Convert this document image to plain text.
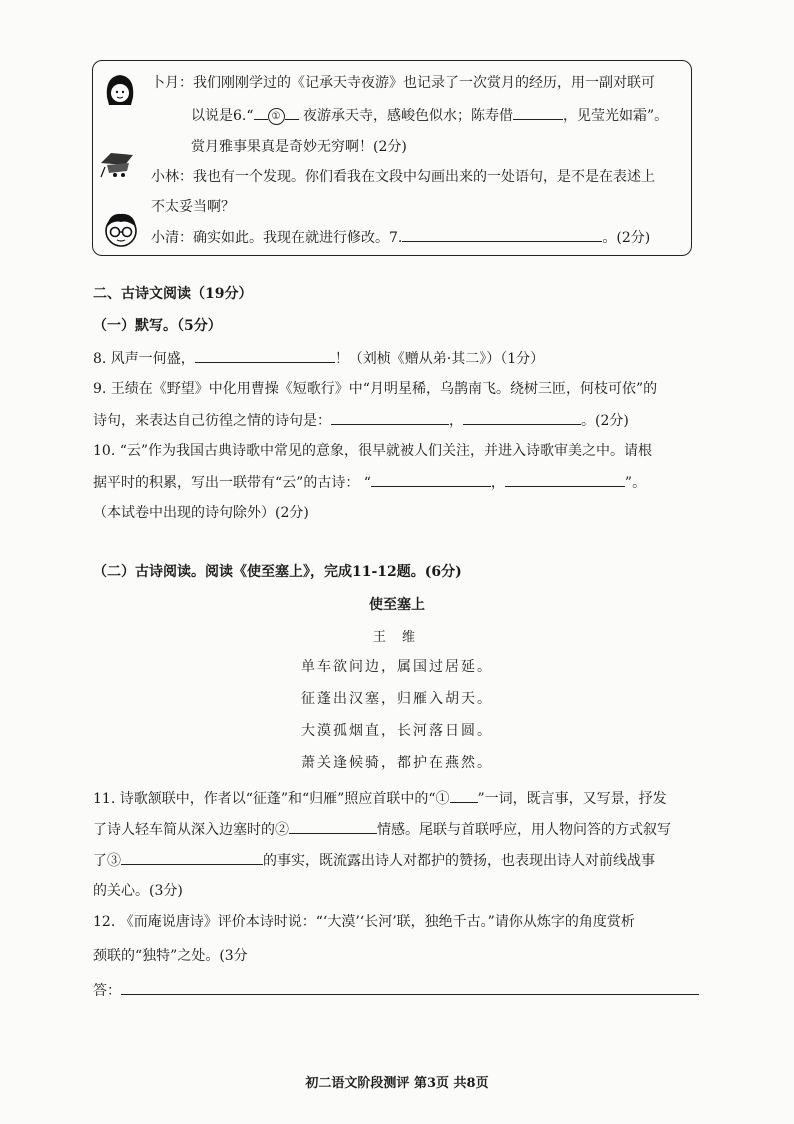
卜月：我们刚刚学过的《记承天寺夜游》也记录了一次赏月的经历，用一副对联可
以说是6.“ ① 夜游承天寺，感峻色似水；陈寿借	，见莹光如霜”。
赏月雅事果真是奇妙无穷啊！(2分)
小林：我也有一个发现。你们看我在文段中勾画出来的一处语句，是不是在表述上
不太妥当啊？
小清：确实如此。我现在就进行修改。7.	。(2分)
二、古诗文阅读（19分）
（一）默写。（5分）
8. 风声一何盛，	！（刘桢《赠从弟·其二》）（1分）
9. 王绩在《野望》中化用曹操《短歌行》中“月明星稀，乌鹊南飞。绕树三匝，何枝可依”的
诗句，来表达自己彷徨之情的诗句是：	，	。(2分)
10. “云”作为我国古典诗歌中常见的意象，很早就被人们关注，并进入诗歌审美之中。请根
据平时的积累，写出一联带有“云”的古诗： “	，	”。
（本试卷中出现的诗句除外）(2分)
（二）古诗阅读。阅读《使至塞上》，完成11-12题。(6分)
使至塞上
王 维
单车欲问边，属国过居延。
征蓬出汉塞，归雁入胡天。
大漠孤烟直，长河落日圆。
萧关逢候骑，都护在燕然。
11. 诗歌颔联中，作者以“征蓬”和“归雁”照应首联中的“① ”一词，既言事，又写景，抒发
了诗人轻车简从深入边塞时的②	情感。尾联与首联呼应，用人物问答的方式叙写
了③	的事实，既流露出诗人对都护的赞扬，也表现出诗人对前线战事
的关心。(3分)
12. 《而庵说唐诗》评价本诗时说：“‘大漠’‘长河’联，独绝千古。”请你从炼字的角度赏析
颈联的“独特”之处。(3分
答：
初二语文阶段测评 第3页 共8页
